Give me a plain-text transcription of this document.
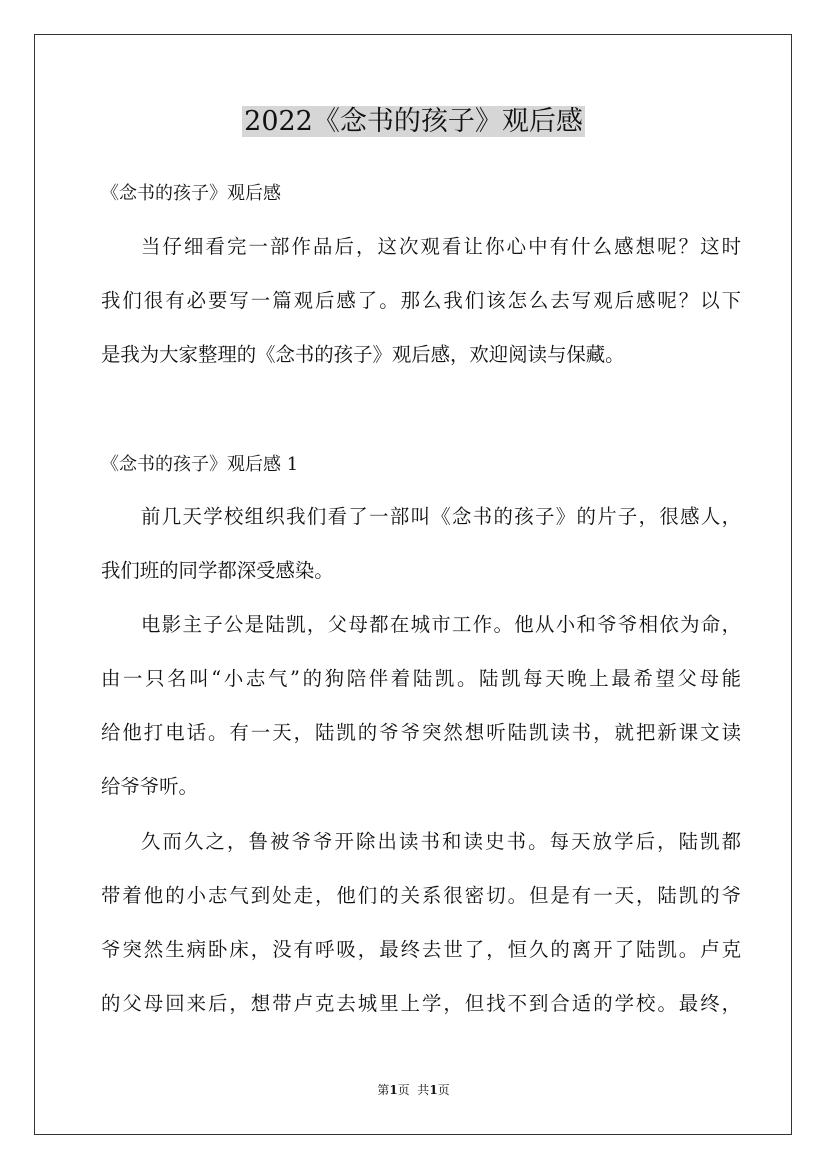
2022《念书的孩子》观后感
《念书的孩子》观后感
当仔细看完一部作品后，这次观看让你心中有什么感想呢？这时
我们很有必要写一篇观后感了。那么我们该怎么去写观后感呢？以下
是我为大家整理的《念书的孩子》观后感，欢迎阅读与保藏。
《念书的孩子》观后感 1
前几天学校组织我们看了一部叫《念书的孩子》的片子，很感人，
我们班的同学都深受感染。
电影主子公是陆凯，父母都在城市工作。他从小和爷爷相依为命，
由一只名叫“小志气”的狗陪伴着陆凯。陆凯每天晚上最希望父母能
给他打电话。有一天，陆凯的爷爷突然想听陆凯读书，就把新课文读
给爷爷听。
久而久之，鲁被爷爷开除出读书和读史书。每天放学后，陆凯都
带着他的小志气到处走，他们的关系很密切。但是有一天，陆凯的爷
爷突然生病卧床，没有呼吸，最终去世了，恒久的离开了陆凯。卢克
的父母回来后，想带卢克去城里上学，但找不到合适的学校。最终，
第1页  共1页
